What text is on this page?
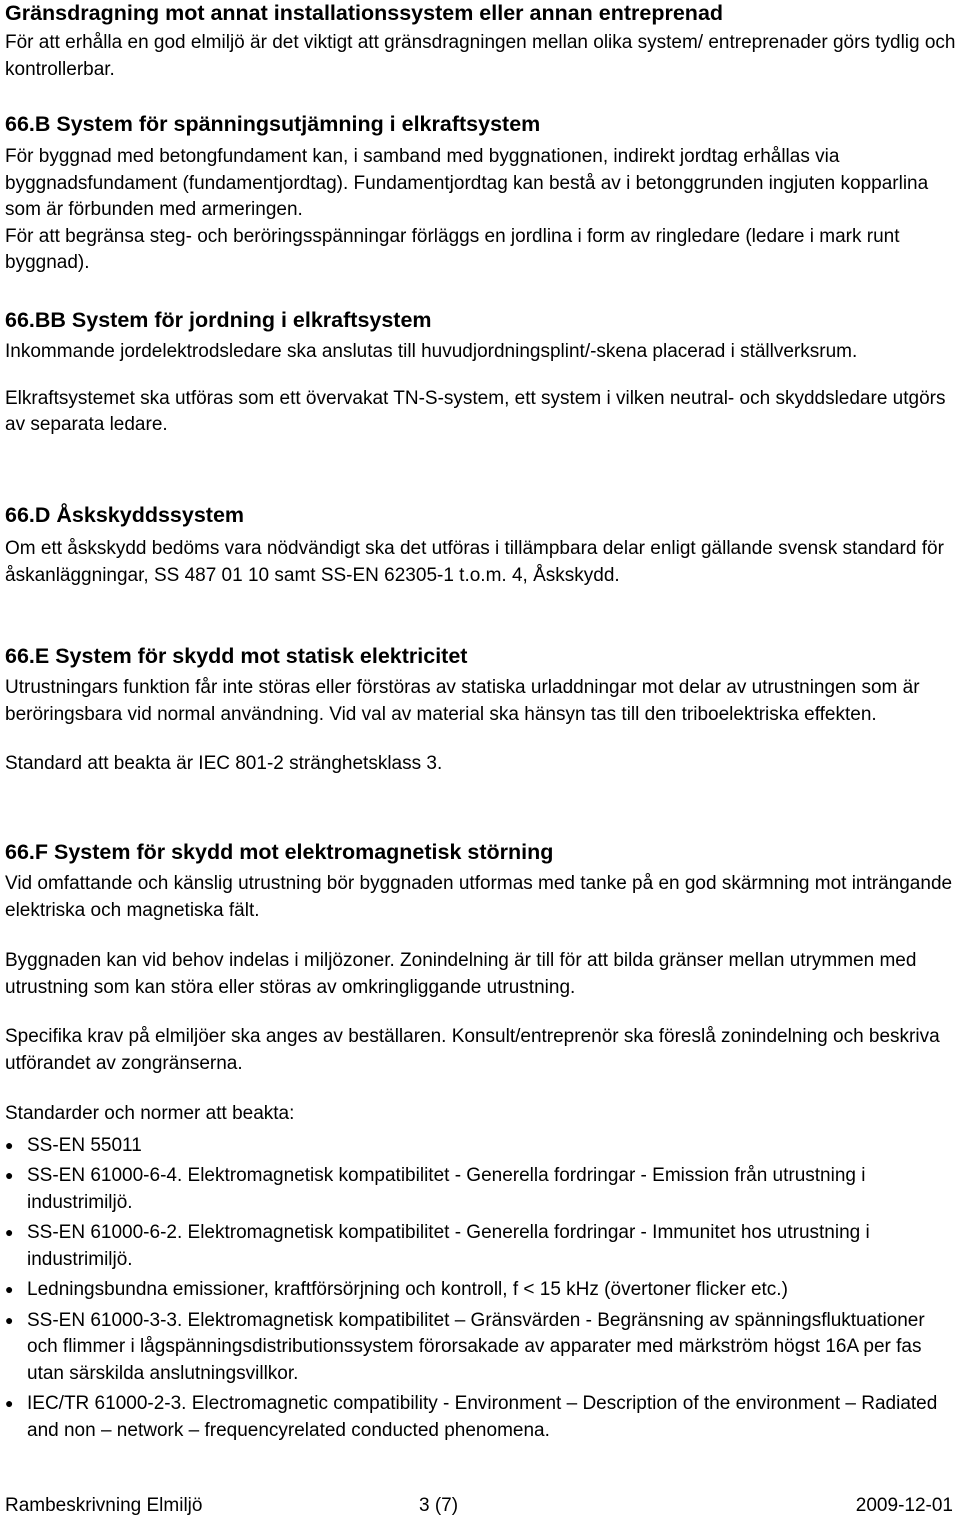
Gränsdragning mot annat installationssystem eller annan entreprenad

För att erhålla en god elmiljö är det viktigt att gränsdragningen mellan olika system/ entreprenader görs tydlig och kontrollerbar.

66.B System för spänningsutjämning i elkraftsystem

För byggnad med betongfundament kan, i samband med byggnationen, indirekt jordtag erhållas via byggnadsfundament (fundamentjordtag). Fundamentjordtag kan bestå av i betonggrunden ingjuten kopparlina som är förbunden med armeringen.

För att begränsa steg- och beröringsspänningar förläggs en jordlina i form av ringledare (ledare i mark runt byggnad).

66.BB System för jordning i elkraftsystem

Inkommande jordelektrodsledare ska anslutas till huvudjordningsplint/-skena placerad i ställverksrum.

Elkraftsystemet ska utföras som ett övervakat TN-S-system, ett system i vilken neutral- och skyddsledare utgörs av separata ledare.

66.D Åskskyddssystem

Om ett åskskydd bedöms vara nödvändigt ska det utföras i tillämpbara delar enligt gällande svensk standard för åskanläggningar, SS 487 01 10 samt SS-EN 62305-1 t.o.m. 4, Åskskydd.

66.E System för skydd mot statisk elektricitet

Utrustningars funktion får inte störas eller förstöras av statiska urladdningar mot delar av utrustningen som är beröringsbara vid normal användning. Vid val av material ska hänsyn tas till den triboelektriska effekten.

Standard att beakta är IEC 801-2 stränghetsklass 3.

66.F System för skydd mot elektromagnetisk störning

Vid omfattande och känslig utrustning bör byggnaden utformas med tanke på en god skärmning mot inträngande elektriska och magnetiska fält.

Byggnaden kan vid behov indelas i miljözoner. Zonindelning är till för att bilda gränser mellan utrymmen med utrustning som kan störa eller störas av omkringliggande utrustning.

Specifika krav på elmiljöer ska anges av beställaren. Konsult/entreprenör ska föreslå zonindelning och beskriva utförandet av zongränserna.

Standarder och normer att beakta:

● SS-EN 55011
● SS-EN 61000-6-4. Elektromagnetisk kompatibilitet - Generella fordringar - Emission från utrustning i industrimiljö.
● SS-EN 61000-6-2. Elektromagnetisk kompatibilitet - Generella fordringar - Immunitet hos utrustning i industrimiljö.
● Ledningsbundna emissioner, kraftförsörjning och kontroll, f < 15 kHz (övertoner flicker etc.)
● SS-EN 61000-3-3. Elektromagnetisk kompatibilitet – Gränsvärden - Begränsning av spänningsfluktuationer och flimmer i lågspänningsdistributionssystem förorsakade av apparater med märkström högst 16A per fas utan särskilda anslutningsvillkor.
● IEC/TR 61000-2-3. Electromagnetic compatibility - Environment – Description of the environment – Radiated and non – network – frequencyrelated conducted phenomena.
Rambeskrivning Elmiljö	3 (7)	2009-12-01
